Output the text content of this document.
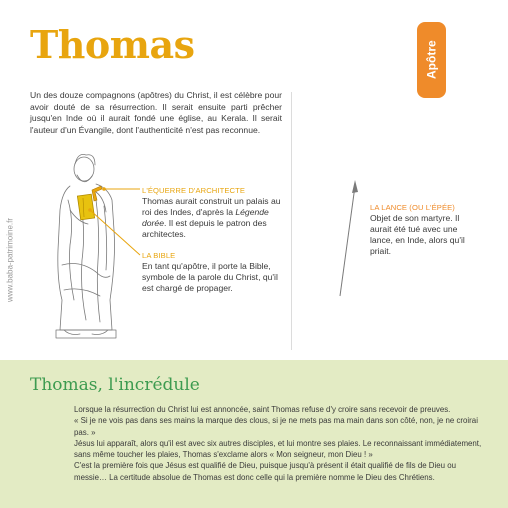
Thomas	Apôtre

Un des douze compagnons (apôtres) du Christ, il est célèbre pour avoir douté de sa résurrection. Il serait ensuite parti prêcher jusqu'en Inde où il aurait fondé une église, au Kerala. Il serait l'auteur d'un Évangile, dont l'authenticité n'est pas reconnue.

www.baba-patrimoine.fr
L'ÉQUERRE D'ARCHITECTE

Thomas aurait construit un palais au roi des Indes, d'après la Légende dorée. Il est depuis le patron des architectes.

LA BIBLE

En tant qu'apôtre, il porte la Bible, symbole de la parole du Christ, qu'il est chargé de propager.

LA LANCE (OU L'ÉPÉE)

Objet de son martyre. Il aurait été tué avec une lance, en Inde, alors qu'il priait.

Thomas, l'incrédule

Lorsque la résurrection du Christ lui est annoncée, saint Thomas refuse d'y croire sans recevoir de preuves.

« Si je ne vois pas dans ses mains la marque des clous, si je ne mets pas ma main dans son côté, non, je ne croirai pas. »

Jésus lui apparaît, alors qu'il est avec six autres disciples, et lui montre ses plaies. Le reconnaissant immédiatement, sans même toucher les plaies, Thomas s'exclame alors « Mon seigneur, mon Dieu ! »

C'est la première fois que Jésus est qualifié de Dieu, puisque jusqu'à présent il était qualifié de fils de Dieu ou messie… La certitude absolue de Thomas est donc celle qui la première nomme le Dieu des Chrétiens.
